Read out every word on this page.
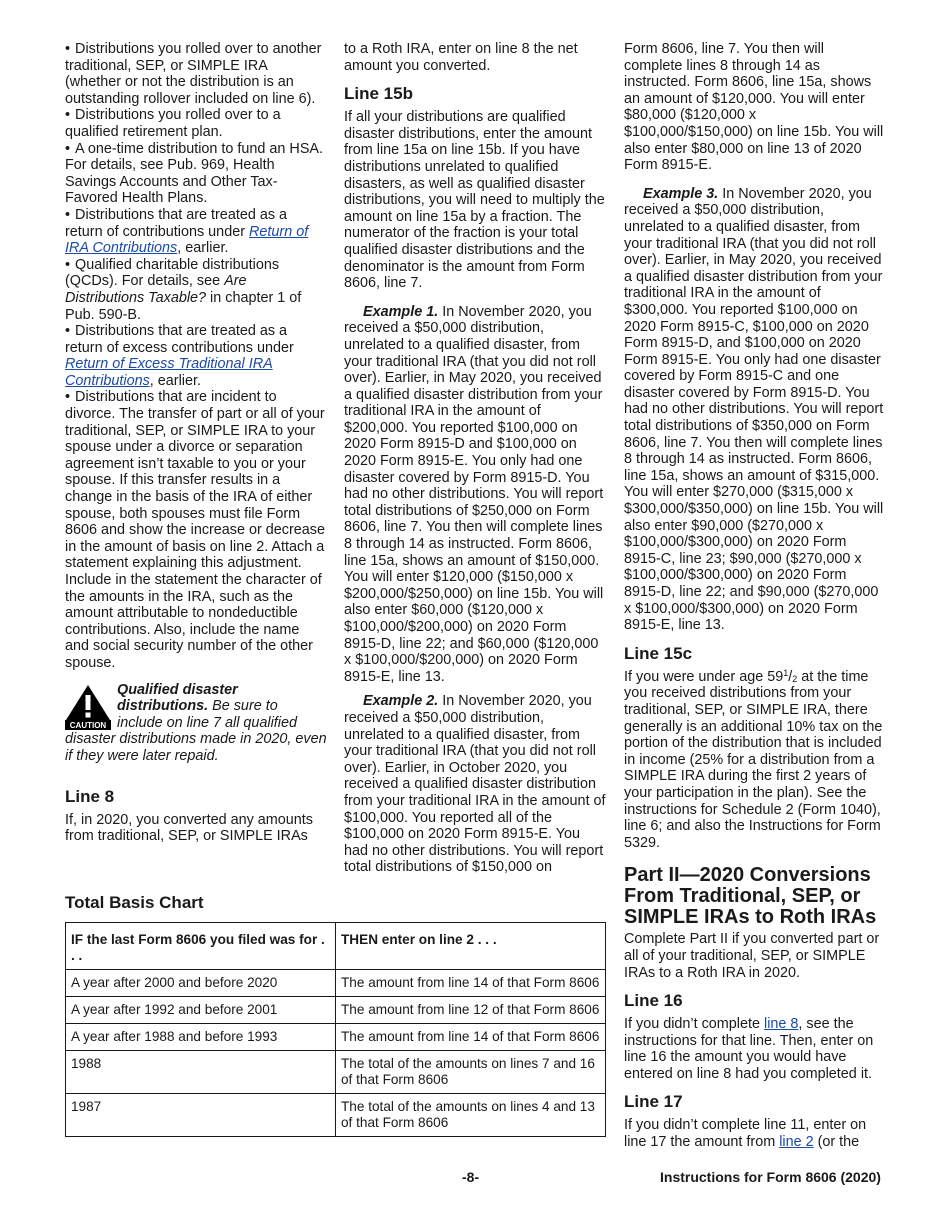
• Distributions you rolled over to another traditional, SEP, or SIMPLE IRA (whether or not the distribution is an outstanding rollover included on line 6).

• Distributions you rolled over to a qualified retirement plan.

• A one-time distribution to fund an HSA. For details, see Pub. 969, Health Savings Accounts and Other Tax-Favored Health Plans.

• Distributions that are treated as a return of contributions under Return of IRA Contributions, earlier.

• Qualified charitable distributions (QCDs). For details, see Are Distributions Taxable? in chapter 1 of Pub. 590-B.

• Distributions that are treated as a return of excess contributions under Return of Excess Traditional IRA Contributions, earlier.

• Distributions that are incident to divorce. The transfer of part or all of your traditional, SEP, or SIMPLE IRA to your spouse under a divorce or separation agreement isn’t taxable to you or your spouse. If this transfer results in a change in the basis of the IRA of either spouse, both spouses must file Form 8606 and show the increase or decrease in the amount of basis on line 2. Attach a statement explaining this adjustment. Include in the statement the character of the amounts in the IRA, such as the amount attributable to nondeductible contributions. Also, include the name and social security number of the other spouse.

CAUTION

Qualified disaster distributions. Be sure to include on line 7 all qualified disaster distributions made in 2020, even if they were later repaid.

Line 8

If, in 2020, you converted any amounts from traditional, SEP, or SIMPLE IRAs

to a Roth IRA, enter on line 8 the net amount you converted.

Line 15b

If all your distributions are qualified disaster distributions, enter the amount from line 15a on line 15b. If you have distributions unrelated to qualified disasters, as well as qualified disaster distributions, you will need to multiply the amount on line 15a by a fraction. The numerator of the fraction is your total qualified disaster distributions and the denominator is the amount from Form 8606, line 7.

Example 1. In November 2020, you received a $50,000 distribution, unrelated to a qualified disaster, from your traditional IRA (that you did not roll over). Earlier, in May 2020, you received a qualified disaster distribution from your traditional IRA in the amount of $200,000. You reported $100,000 on 2020 Form 8915-D and $100,000 on 2020 Form 8915-E. You only had one disaster covered by Form 8915-D. You had no other distributions. You will report total distributions of $250,000 on Form 8606, line 7. You then will complete lines 8 through 14 as instructed. Form 8606, line 15a, shows an amount of $150,000. You will enter $120,000 ($150,000 x $200,000/$250,000) on line 15b. You will also enter $60,000 ($120,000 x $100,000/$200,000) on 2020 Form 8915-D, line 22; and $60,000 ($120,000 x $100,000/$200,000) on 2020 Form 8915-E, line 13.

Example 2. In November 2020, you received a $50,000 distribution, unrelated to a qualified disaster, from your traditional IRA (that you did not roll over). Earlier, in October 2020, you received a qualified disaster distribution from your traditional IRA in the amount of $100,000. You reported all of the $100,000 on 2020 Form 8915-E. You had no other distributions. You will report total distributions of $150,000 on

Form 8606, line 7. You then will complete lines 8 through 14 as instructed. Form 8606, line 15a, shows an amount of $120,000. You will enter $80,000 ($120,000 x $100,000/$150,000) on line 15b. You will also enter $80,000 on line 13 of 2020 Form 8915-E.

Example 3. In November 2020, you received a $50,000 distribution, unrelated to a qualified disaster, from your traditional IRA (that you did not roll over). Earlier, in May 2020, you received a qualified disaster distribution from your traditional IRA in the amount of $300,000. You reported $100,000 on 2020 Form 8915-C, $100,000 on 2020 Form 8915-D, and $100,000 on 2020 Form 8915-E. You only had one disaster covered by Form 8915-C and one disaster covered by Form 8915-D. You had no other distributions. You will report total distributions of $350,000 on Form 8606, line 7. You then will complete lines 8 through 14 as instructed. Form 8606, line 15a, shows an amount of $315,000. You will enter $270,000 ($315,000 x $300,000/$350,000) on line 15b. You will also enter $90,000 ($270,000 x $100,000/$300,000) on 2020 Form 8915-C, line 23; $90,000 ($270,000 x $100,000/$300,000) on 2020 Form 8915-D, line 22; and $90,000 ($270,000 x $100,000/$300,000) on 2020 Form 8915-E, line 13.

Line 15c

If you were under age $59^1/_2$ at the time you received distributions from your traditional, SEP, or SIMPLE IRA, there generally is an additional 10% tax on the portion of the distribution that is included in income (25% for a distribution from a SIMPLE IRA during the first 2 years of your participation in the plan). See the instructions for Schedule 2 (Form 1040), line 6; and also the Instructions for Form 5329.

Part II—2020 Conversions From Traditional, SEP, or SIMPLE IRAs to Roth IRAs

Complete Part II if you converted part or all of your traditional, SEP, or SIMPLE IRAs to a Roth IRA in 2020.

Line 16

If you didn’t complete line 8, see the instructions for that line. Then, enter on line 16 the amount you would have entered on line 8 had you completed it.

Line 17

If you didn’t complete line 11, enter on line 17 the amount from line 2 (or the

Total Basis Chart
IF the last Form 8606 you filed was for . . .	THEN enter on line 2 . . .
A year after 2000 and before 2020	The amount from line 14 of that Form 8606
A year after 1992 and before 2001	The amount from line 12 of that Form 8606
A year after 1988 and before 1993	The amount from line 14 of that Form 8606
1988	The total of the amounts on lines 7 and 16 of that Form 8606
1987	The total of the amounts on lines 4 and 13 of that Form 8606
-8-	Instructions for Form 8606 (2020)
